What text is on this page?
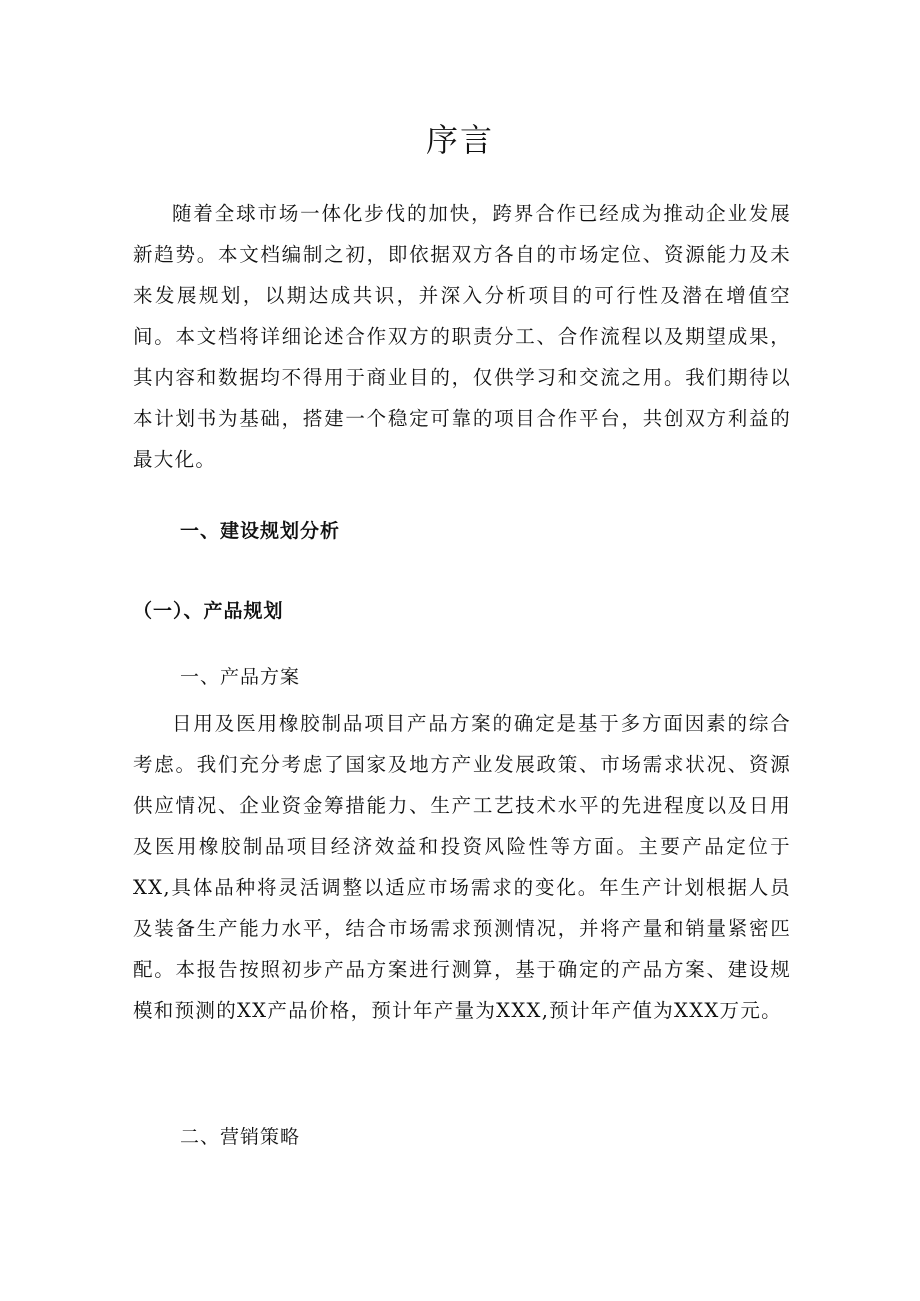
序言

随着全球市场一体化步伐的加快，跨界合作已经成为推动企业发展新趋势。本文档编制之初，即依据双方各自的市场定位、资源能力及未来发展规划，以期达成共识，并深入分析项目的可行性及潜在增值空间。本文档将详细论述合作双方的职责分工、合作流程以及期望成果，其内容和数据均不得用于商业目的，仅供学习和交流之用。我们期待以本计划书为基础，搭建一个稳定可靠的项目合作平台，共创双方利益的最大化。

一、建设规划分析
（一）、产品规划
一、产品方案

日用及医用橡胶制品项目产品方案的确定是基于多方面因素的综合考虑。我们充分考虑了国家及地方产业发展政策、市场需求状况、资源供应情况、企业资金筹措能力、生产工艺技术水平的先进程度以及日用及医用橡胶制品项目经济效益和投资风险性等方面。主要产品定位于XX,具体品种将灵活调整以适应市场需求的变化。年生产计划根据人员及装备生产能力水平，结合市场需求预测情况，并将产量和销量紧密匹配。本报告按照初步产品方案进行测算，基于确定的产品方案、建设规模和预测的XX产品价格，预计年产量为XXX,预计年产值为XXX万元。

二、营销策略
